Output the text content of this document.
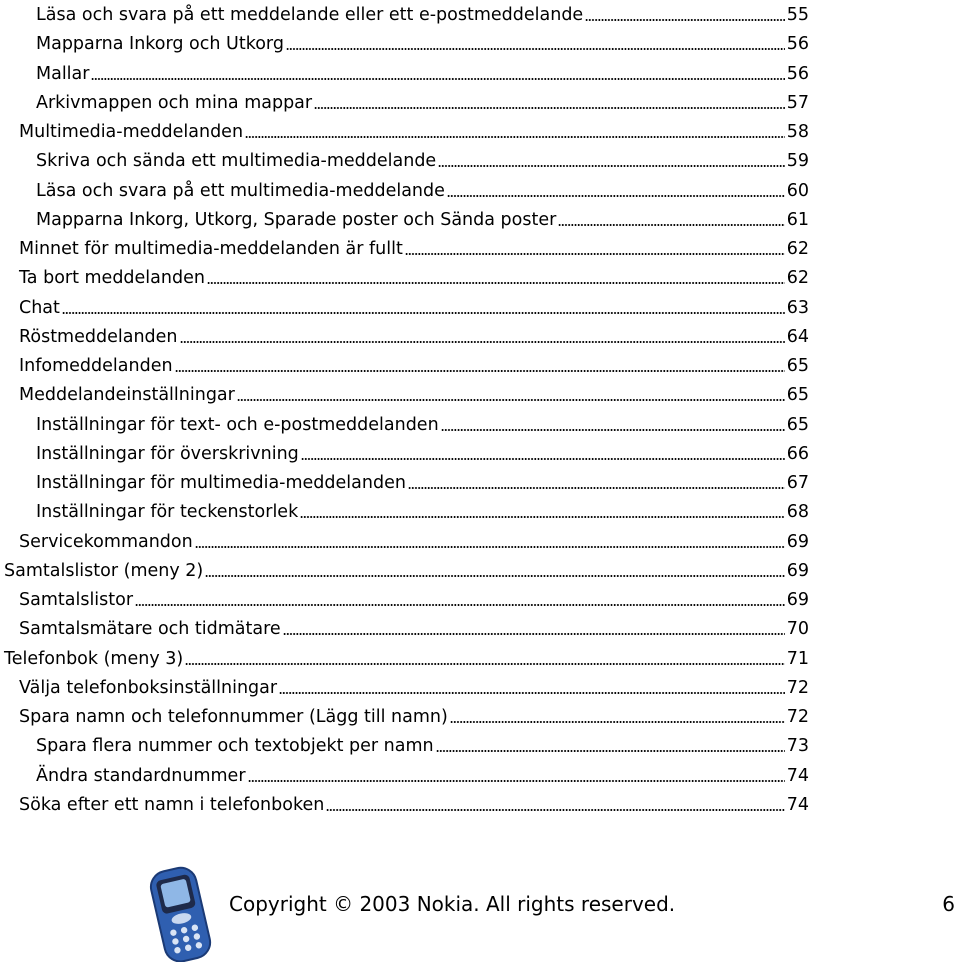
Läsa och svara på ett meddelande eller ett e-postmeddelande	55
Mapparna Inkorg och Utkorg	56
Mallar	56
Arkivmappen och mina mappar	57
Multimedia-meddelanden	58
Skriva och sända ett multimedia-meddelande	59
Läsa och svara på ett multimedia-meddelande	60
Mapparna Inkorg, Utkorg, Sparade poster och Sända poster	61
Minnet för multimedia-meddelanden är fullt	62
Ta bort meddelanden	62
Chat	63
Röstmeddelanden	64
Infomeddelanden	65
Meddelandeinställningar	65
Inställningar för text- och e-postmeddelanden	65
Inställningar för överskrivning	66
Inställningar för multimedia-meddelanden	67
Inställningar för teckenstorlek	68
Servicekommandon	69
Samtalslistor (meny 2)	69
Samtalslistor	69
Samtalsmätare och tidmätare	70
Telefonbok (meny 3)	71
Välja telefonboksinställningar	72
Spara namn och telefonnummer (Lägg till namn)	72
Spara flera nummer och textobjekt per namn	73
Ändra standardnummer	74
Söka efter ett namn i telefonboken	74
Copyright © 2003 Nokia. All rights reserved.	6
